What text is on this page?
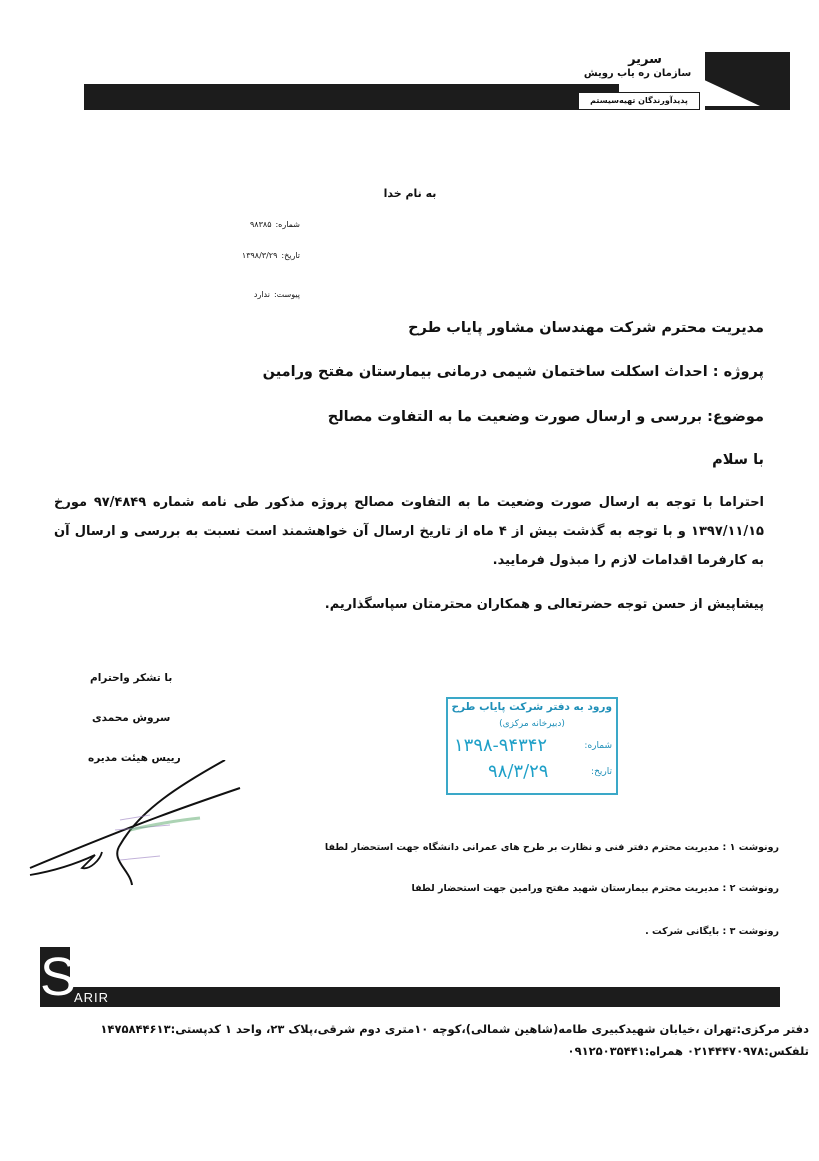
سریر
سازمان ره یاب رویش
پدیدآورندگان تهیه‌سیستم
به نام خدا
شماره:۹۸۳۸۵
تاریخ:۱۳۹۸/۳/۲۹
پیوست:ندارد
مدیریت محترم شرکت مهندسان مشاور پایاب طرح
پروژه : احداث اسکلت ساختمان شیمی درمانی بیمارستان مفتح ورامین
موضوع: بررسی و ارسال صورت وضعیت ما به التفاوت مصالح
با سلام
احتراما با توجه به ارسال صورت وضعیت ما به التفاوت مصالح پروژه مذکور طی نامه شماره ۹۷/۴۸۴۹ مورخ ۱۳۹۷/۱۱/۱۵ و با توجه به گذشت بیش از ۴ ماه از تاریخ ارسال آن خواهشمند است نسبت به بررسی و ارسال آن به کارفرما اقدامات لازم را مبذول فرمایید.
پیشاپیش از حسن توجه حضرتعالی و همکاران محترمتان سپاسگذاریم.
با تشکر واحترام
سروش محمدی
رییس هیئت مدیره
ورود به دفتر شرکت پایاب طرح
(دبیرخانه مرکزی)
شماره:
تاریخ:
۱۳۹۸-۹۴۳۴۲
۹۸/۳/۲۹
رونوشت ۱ : مدیریت محترم دفتر فنی و نظارت بر طرح های عمرانی دانشگاه جهت استحضار لطفا
رونوشت ۲ : مدیریت محترم بیمارستان شهید مفتح ورامین جهت استحضار لطفا
رونوشت ۳ : بایگانی شرکت .
S
ARIR
دفتر مرکزی:تهران ،خیابان شهیدکبیری طامه(شاهین شمالی)،کوچه ۱۰متری دوم شرقی،پلاک ۲۳، واحد ۱ کدپستی:۱۴۷۵۸۴۴۶۱۳
تلفکس:۰۲۱۴۴۴۷۰۹۷۸ همراه:۰۹۱۲۵۰۳۵۴۴۱
